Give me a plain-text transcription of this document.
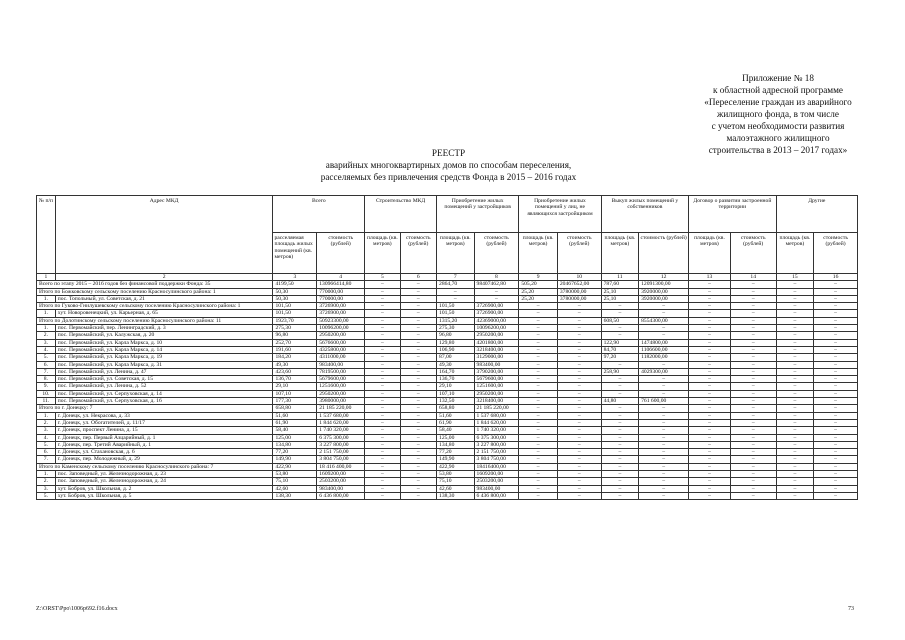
Приложение № 18
к областной адресной программе
«Переселение граждан из аварийного
жилищного фонда, в том числе
с учетом необходимости развития
малоэтажного жилищного
строительства в 2013 – 2017 годах»
РЕЕСТР
аварийных многоквартирных домов по способам переселения,
расселяемых без привлечения средств Фонда в 2015 – 2016 годах
№ п/п	Адрес МКД	Всего		Строительство МКД		Приобретение жилых помещений у застройщиков		Приобретение жилых помещений у лиц, не являющихся застройщиком		Выкуп жилых помещений у собственников		Договор о развитии застроенной территории		Другие	
		расселяемая площадь жилых помещений (кв. метров)	стоимость (рублей)	площадь (кв. метров)	стоимость (рублей)	площадь (кв. метров)	стоимость (рублей)	площадь (кв. метров)	стоимость (рублей)	площадь (кв. метров)	стоимость (рублей)	площадь (кв. метров)	стоимость (рублей)	площадь (кв. метров)	стоимость (рублей)
1	2	3	4	5	6	7	8	9	10	11	12	13	14	15	16
Всего по этапу 2015 – 2016 годов без финансовой поддержки Фонда: 35		4199,50	130966414,80	–	–	2864,70	98407462,80	505,20	20467652,00	787,60	12091300,00	–	–	–	–
Итого по Божковскому сельскому поселению Красносулинского района: 1		50,30	770000,00	–	–	–	–	25,20	3780000,00	25,10	3920000,00	–	–	–	–
1.	пос. Топольный, ул. Советская, д. 21	50,30	770000,00	–	–	–	–	25,20	3780000,00	25,10	3920000,00	–	–	–	–
Итого по Гуково-Гнилушевскому сельскому поселению Красносулинского района: 1		101,50	3726900,00	–	–	101,50	3726900,00	–	–	–	–	–	–	–	–
1.	хут. Новоровенецкий, ул. Карьерная, д. 65	101,50	3726900,00	–	–	101,50	3726900,00	–	–	–	–	–	–	–	–
Итого по Долотинскому сельскому поселению Красносулинского района: 11		1923,70	50923300,00	–	–	1315,20	42369000,00	–	–	608,50	8554300,00	–	–	–	–
1.	пос. Первомайский, пер. Ленинградский, д. 3	275,30	10096200,00	–	–	275,30	10096200,00	–	–	–	–	–	–	–	–
2.	пос. Первомайский, ул. Калужская, д. 20	96,80	2950200,00	–	–	96,80	2950200,00	–	–	–	–	–	–	–	–
3.	пос. Первомайский, ул. Карла Маркса, д. 10	252,70	5676600,00	–	–	129,80	4201800,00	–	–	122,90	1474800,00	–	–	–	–
4.	пос. Первомайский, ул. Карла Маркса, д. 14	191,60	4325800,00	–	–	106,90	3218400,00	–	–	84,70	1106600,00	–	–	–	–
5.	пос. Первомайский, ул. Карла Маркса, д. 19	184,20	4311000,00	–	–	87,00	3129000,00	–	–	97,20	1182000,00	–	–	–	–
6.	пос. Первомайский, ул. Карла Маркса, д. 31	49,30	983400,00	–	–	49,30	983400,00	–	–	–	–	–	–	–	–
7.	пос. Первомайский, ул. Ленина, д. 47	423,60	7819500,00	–	–	164,70	3790200,00	–	–	258,90	4029300,00	–	–	–	–
8.	пос. Первомайский, ул. Советская, д. 15	136,70	5679600,00	–	–	136,70	5679600,00	–	–	–	–	–	–	–	–
9.	пос. Первомайский, ул. Ленина, д. 52	29,10	1251600,00	–	–	29,10	1251600,00	–	–	–	–	–	–	–	–
10.	пос. Первомайский, ул. Серпуховская, д. 14	107,10	2950200,00	–	–	107,10	2950200,00	–	–	–	–	–	–	–	–
11.	пос. Первомайский, ул. Серпуховская, д. 16	177,30	3980000,00	–	–	132,50	3218400,00	–	–	44,80	761 600,00	–	–	–	–
Итого по г. Донецку: 7		658,80	21 185 220,00	–	–	658,80	21 185 220,00	–	–	–	–	–	–	–	–
1.	г. Донецк, ул. Некрасова, д. 33	51,60	1 537 680,00	–	–	51,60	1 537 680,00	–	–	–	–	–	–	–	–
2.	г. Донецк, ул. Обогатителей, д. 11/17	61,90	1 844 620,00	–	–	61,90	1 844 620,00	–	–	–	–	–	–	–	–
3.	г. Донецк, проспект Ленина, д. 15	58,40	1 740 320,00	–	–	58,40	1 740 320,00	–	–	–	–	–	–	–	–
4.	г. Донецк, пер. Первый Азцарийный, д. 1	125,00	6 375 300,00	–	–	125,00	6 375 300,00	–	–	–	–	–	–	–	–
5.	г. Донецк, пер. Третий Аварийный, д. 1	134,80	3 227 800,00	–	–	134,80	3 227 800,00	–	–	–	–	–	–	–	–
6.	г. Донецк, ул. Стахановская, д. 6	77,20	2 151 750,00	–	–	77,20	2 151 750,00	–	–	–	–	–	–	–	–
7.	г. Донецк, пер. Молодежный, д. 29	149,90	3 804 750,00	–	–	149,90	3 804 750,00	–	–	–	–	–	–	–	–
Итого по Каменскому сельскому поселению Красносулинского района: 7		422,90	18 416 400,00	–	–	422,90	18416400,00	–	–	–	–	–	–	–	–
1.	пос. Заповедный, ул. Железнодорожная, д. 23	53,80	1609200,00	–	–	53,80	1609200,00	–	–	–	–	–	–	–	–
2.	пос. Заповедный, ул. Железнодорожная, д. 24	75,10	2503200,00	–	–	75,10	2503200,00	–	–	–	–	–	–	–	–
3.	хут. Бобров, ул. Школьная, д. 2	42,60	983400,00	–	–	42,60	983400,00	–	–	–	–	–	–	–	–
5.	хут. Бобров, ул. Школьная, д. 5	138,30	6 436 800,00	–	–	138,30	6 436 800,00	–	–	–	–	–	–	–	–
Z:\ORST\Ppo\1006p692.f16.docx	73
